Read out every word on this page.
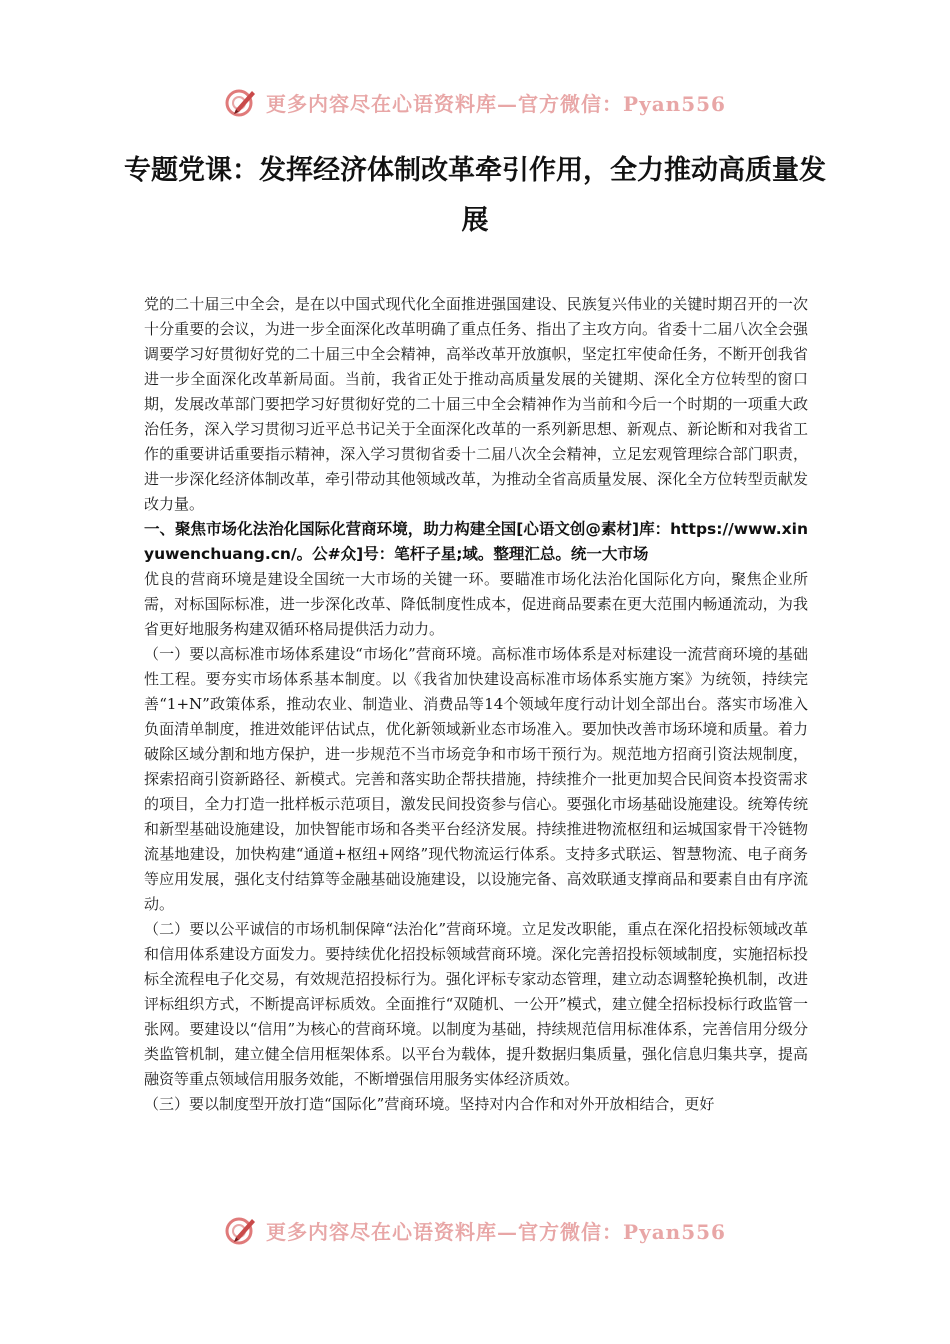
更多内容尽在心语资料库—官方微信：Pyan556
专题党课：发挥经济体制改革牵引作用，全力推动高质量发展

党的二十届三中全会，是在以中国式现代化全面推进强国建设、民族复兴伟业的关键时期召开的一次十分重要的会议，为进一步全面深化改革明确了重点任务、指出了主攻方向。省委十二届八次全会强调要学习好贯彻好党的二十届三中全会精神，高举改革开放旗帜，坚定扛牢使命任务，不断开创我省进一步全面深化改革新局面。当前，我省正处于推动高质量发展的关键期、深化全方位转型的窗口期，发展改革部门要把学习好贯彻好党的二十届三中全会精神作为当前和今后一个时期的一项重大政治任务，深入学习贯彻习近平总书记关于全面深化改革的一系列新思想、新观点、新论断和对我省工作的重要讲话重要指示精神，深入学习贯彻省委十二届八次全会精神，立足宏观管理综合部门职责，进一步深化经济体制改革，牵引带动其他领域改革，为推动全省高质量发展、深化全方位转型贡献发改力量。

一、聚焦市场化法治化国际化营商环境，助力构建全国[心语文创@素材]库：https://www.xinyuwenchuang.cn/。公#众]号：笔杆子星;域。整理汇总。统一大市场

优良的营商环境是建设全国统一大市场的关键一环。要瞄准市场化法治化国际化方向，聚焦企业所需，对标国际标准，进一步深化改革、降低制度性成本，促进商品要素在更大范围内畅通流动，为我省更好地服务构建双循环格局提供活力动力。

（一）要以高标准市场体系建设“市场化”营商环境。高标准市场体系是对标建设一流营商环境的基础性工程。要夯实市场体系基本制度。以《我省加快建设高标准市场体系实施方案》为统领，持续完善“1+N”政策体系，推动农业、制造业、消费品等14个领域年度行动计划全部出台。落实市场准入负面清单制度，推进效能评估试点，优化新领域新业态市场准入。要加快改善市场环境和质量。着力破除区域分割和地方保护，进一步规范不当市场竞争和市场干预行为。规范地方招商引资法规制度，探索招商引资新路径、新模式。完善和落实助企帮扶措施，持续推介一批更加契合民间资本投资需求的项目，全力打造一批样板示范项目，激发民间投资参与信心。要强化市场基础设施建设。统筹传统和新型基础设施建设，加快智能市场和各类平台经济发展。持续推进物流枢纽和运城国家骨干冷链物流基地建设，加快构建“通道+枢纽+网络”现代物流运行体系。支持多式联运、智慧物流、电子商务等应用发展，强化支付结算等金融基础设施建设，以设施完备、高效联通支撑商品和要素自由有序流动。

（二）要以公平诚信的市场机制保障“法治化”营商环境。立足发改职能，重点在深化招投标领域改革和信用体系建设方面发力。要持续优化招投标领域营商环境。深化完善招投标领域制度，实施招标投标全流程电子化交易，有效规范招投标行为。强化评标专家动态管理，建立动态调整轮换机制，改进评标组织方式，不断提高评标质效。全面推行“双随机、一公开”模式，建立健全招标投标行政监管一张网。要建设以“信用”为核心的营商环境。以制度为基础，持续规范信用标准体系，完善信用分级分类监管机制，建立健全信用框架体系。以平台为载体，提升数据归集质量，强化信息归集共享，提高融资等重点领域信用服务效能，不断增强信用服务实体经济质效。

（三）要以制度型开放打造“国际化”营商环境。坚持对内合作和对外开放相结合，更好

更多内容尽在心语资料库—官方微信：Pyan556
